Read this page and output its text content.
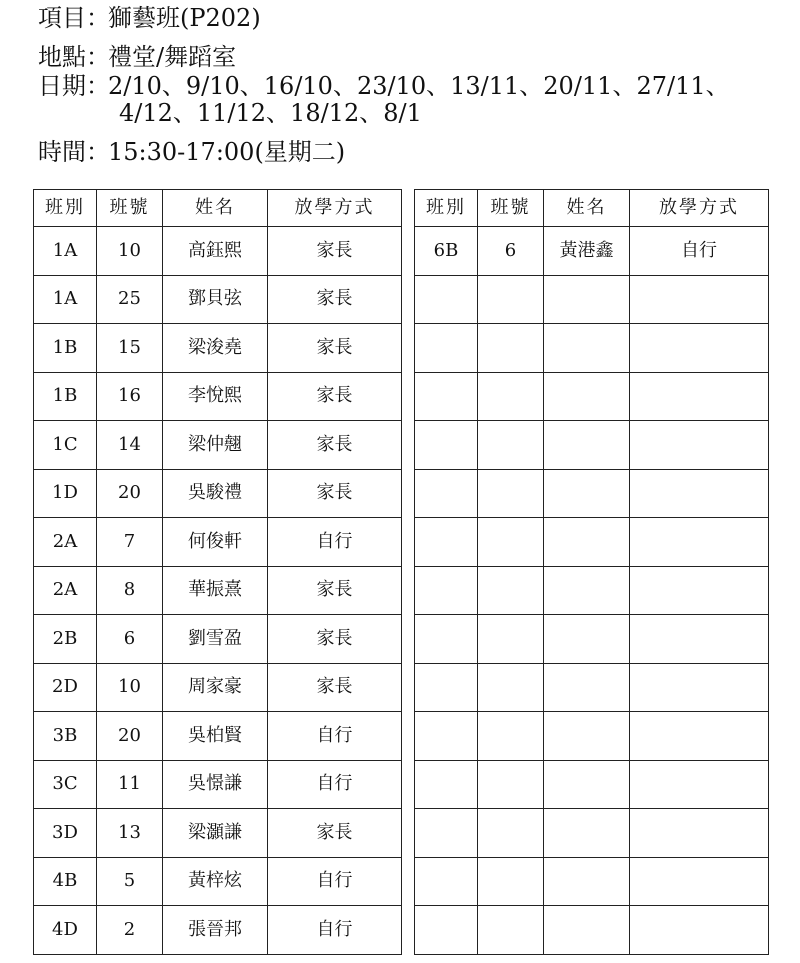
項目：獅藝班(P202)
地點：禮堂/舞蹈室
日期：2/10、9/10、16/10、23/10、13/11、20/11、27/11、
4/12、11/12、18/12、8/1
時間：15:30-17:00(星期二)
班別	班號	姓名	放學方式
1A	10	高鈺熙	家長
1A	25	鄧貝弦	家長
1B	15	梁浚堯	家長
1B	16	李悅熙	家長
1C	14	梁仲翹	家長
1D	20	吳駿禮	家長
2A	7	何俊軒	自行
2A	8	華振熹	家長
2B	6	劉雪盈	家長
2D	10	周家豪	家長
3B	20	吳柏賢	自行
3C	11	吳憬謙	自行
3D	13	梁灝謙	家長
4B	5	黃梓炫	自行
4D	2	張晉邦	自行
班別	班號	姓名	放學方式
6B	6	黃港鑫	自行
